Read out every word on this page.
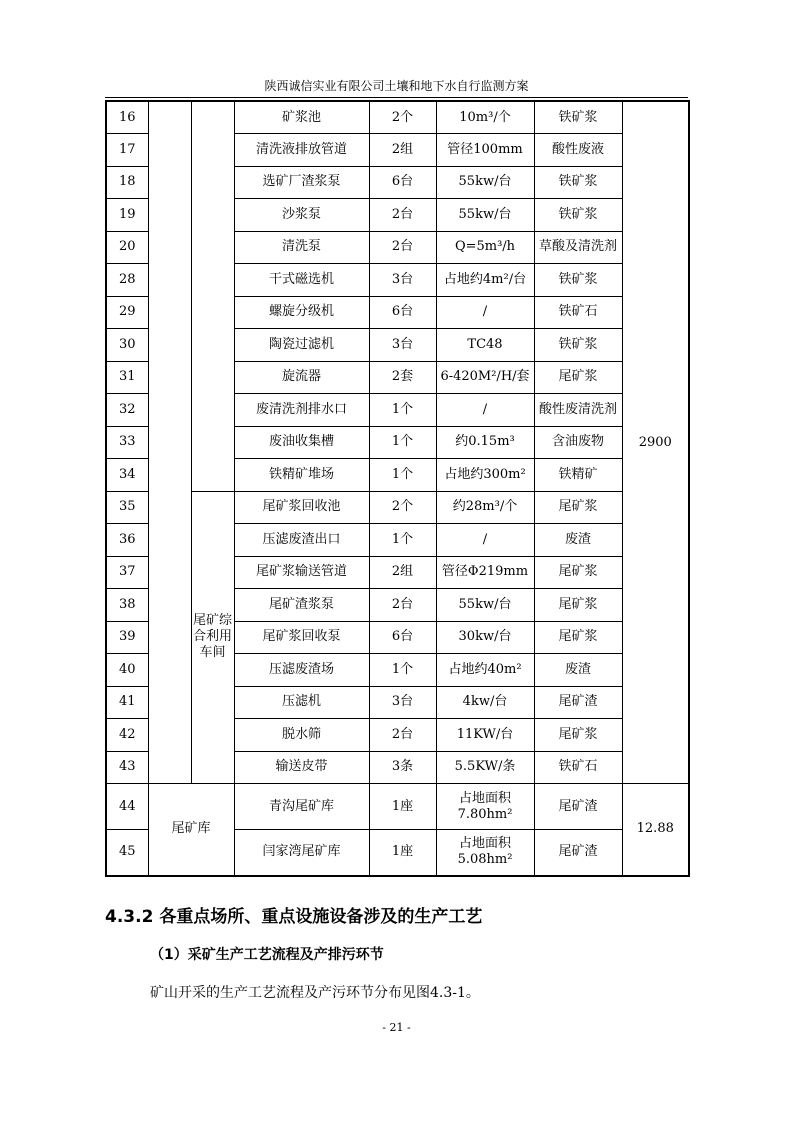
陕西诚信实业有限公司土壤和地下水自行监测方案
16			矿浆池	2个	10m³/个	铁矿浆	2900
17			清洗液排放管道	2组	管径100mm	酸性废液	
18			选矿厂渣浆泵	6台	55kw/台	铁矿浆	
19			沙浆泵	2台	55kw/台	铁矿浆	
20			清洗泵	2台	Q=5m³/h	草酸及清洗剂	
28			干式磁选机	3台	占地约4m²/台	铁矿浆	
29			螺旋分级机	6台	/	铁矿石	
30			陶瓷过滤机	3台	TC48	铁矿浆	
31			旋流器	2套	6-420M²/H/套	尾矿浆	
32			废清洗剂排水口	1个	/	酸性废清洗剂	
33			废油收集槽	1个	约0.15m³	含油废物	
34			铁精矿堆场	1个	占地约300m²	铁精矿	
35		尾矿综合利用车间	尾矿浆回收池	2个	约28m³/个	尾矿浆	
36			压滤废渣出口	1个	/	废渣	
37			尾矿浆输送管道	2组	管径Φ219mm	尾矿浆	
38			尾矿渣浆泵	2台	55kw/台	尾矿浆	
39			尾矿浆回收泵	6台	30kw/台	尾矿浆	
40			压滤废渣场	1个	占地约40m²	废渣	
41			压滤机	3台	4kw/台	尾矿渣	
42			脱水筛	2台	11KW/台	尾矿浆	
43			输送皮带	3条	5.5KW/条	铁矿石	
44	尾矿库		青沟尾矿库	1座	占地面积
7.80hm²	尾矿渣	12.88
45			闫家湾尾矿库	1座	占地面积
5.08hm²	尾矿渣	
4.3.2 各重点场所、重点设施设备涉及的生产工艺
（1）采矿生产工艺流程及产排污环节
矿山开采的生产工艺流程及产污环节分布见图4.3-1。
- 21 -
